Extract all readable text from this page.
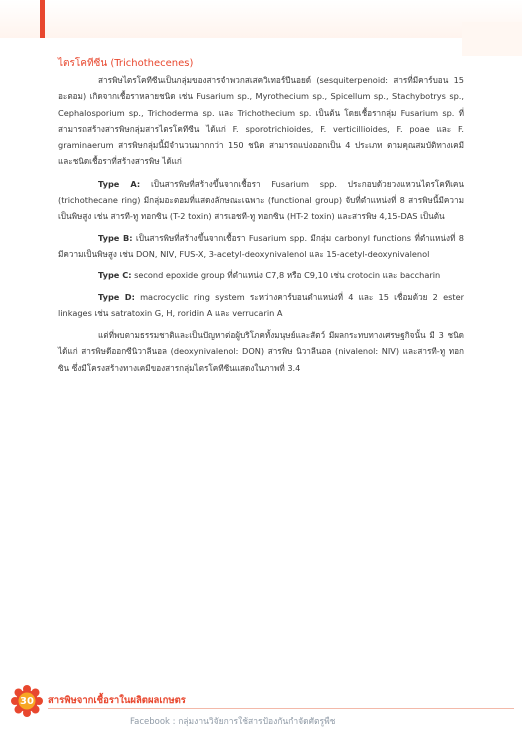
ไตรโคทีซีน (Trichothecenes)

สารพิษไตรโคทีซีนเป็นกลุ่มของสารจำพวกสเสควิเทอร์ปีนอยด์ (sesquiterpenoid: สารที่มีคาร์บอน 15 อะตอม) เกิดจากเชื้อราหลายชนิด เช่น Fusarium sp., Myrothecium sp., Spicellum sp., Stachybotrys sp., Cephalosporium sp., Trichoderma sp. และ Trichothecium sp. เป็นต้น โดยเชื้อรากลุ่ม Fusarium sp. ที่สามารถสร้างสารพิษกลุ่มสารไตรโคทีซีน ได้แก่ F. sporotrichioides, F. verticillioides, F. poae และ F. graminaerum สารพิษกลุ่มนี้มีจำนวนมากกว่า 150 ชนิด สามารถแบ่งออกเป็น 4 ประเภท ตามคุณสมบัติทางเคมี และชนิดเชื้อราที่สร้างสารพิษ ได้แก่

Type A: เป็นสารพิษที่สร้างขึ้นจากเชื้อรา Fusarium spp. ประกอบด้วยวงแหวนไตรโคทีเคน (trichothecane ring) มีกลุ่มอะตอมที่แสดงลักษณะเฉพาะ (functional group) จับที่ตำแหน่งที่ 8 สารพิษนี้มีความเป็นพิษสูง เช่น สารที-ทู ทอกซิน (T-2 toxin) สารเอชที-ทู ทอกซิน (HT-2 toxin) และสารพิษ 4,15-DAS เป็นต้น

Type B: เป็นสารพิษที่สร้างขึ้นจากเชื้อรา Fusarium spp. มีกลุ่ม carbonyl functions ที่ตำแหน่งที่ 8 มีความเป็นพิษสูง เช่น DON, NIV, FUS-X, 3-acetyl-deoxynivalenol และ 15-acetyl-deoxynivalenol

Type C: second epoxide group ที่ตำแหน่ง C7,8 หรือ C9,10 เช่น crotocin และ baccharin

Type D: macrocyclic ring system ระหว่างคาร์บอนตำแหน่งที่ 4 และ 15 เชื่อมด้วย 2 ester linkages เช่น satratoxin G, H, roridin A และ verrucarin A

แต่ที่พบตามธรรมชาติและเป็นปัญหาต่อผู้บริโภคทั้งมนุษย์และสัตว์ มีผลกระทบทางเศรษฐกิจนั้น มี 3 ชนิด ได้แก่ สารพิษดีออกซีนิวาลีนอล (deoxynivalenol: DON) สารพิษ นิวาลีนอล (nivalenol: NIV) และสารที-ทู ทอกซิน ซึ่งมีโครงสร้างทางเคมีของสารกลุ่มไตรโคทีซีนแสดงในภาพที่ 3.4

30	สารพิษจากเชื้อราในผลิตผลเกษตร
Facebook : กลุ่มงานวิจัยการใช้สารป้องกันกำจัดศัตรูพืช
